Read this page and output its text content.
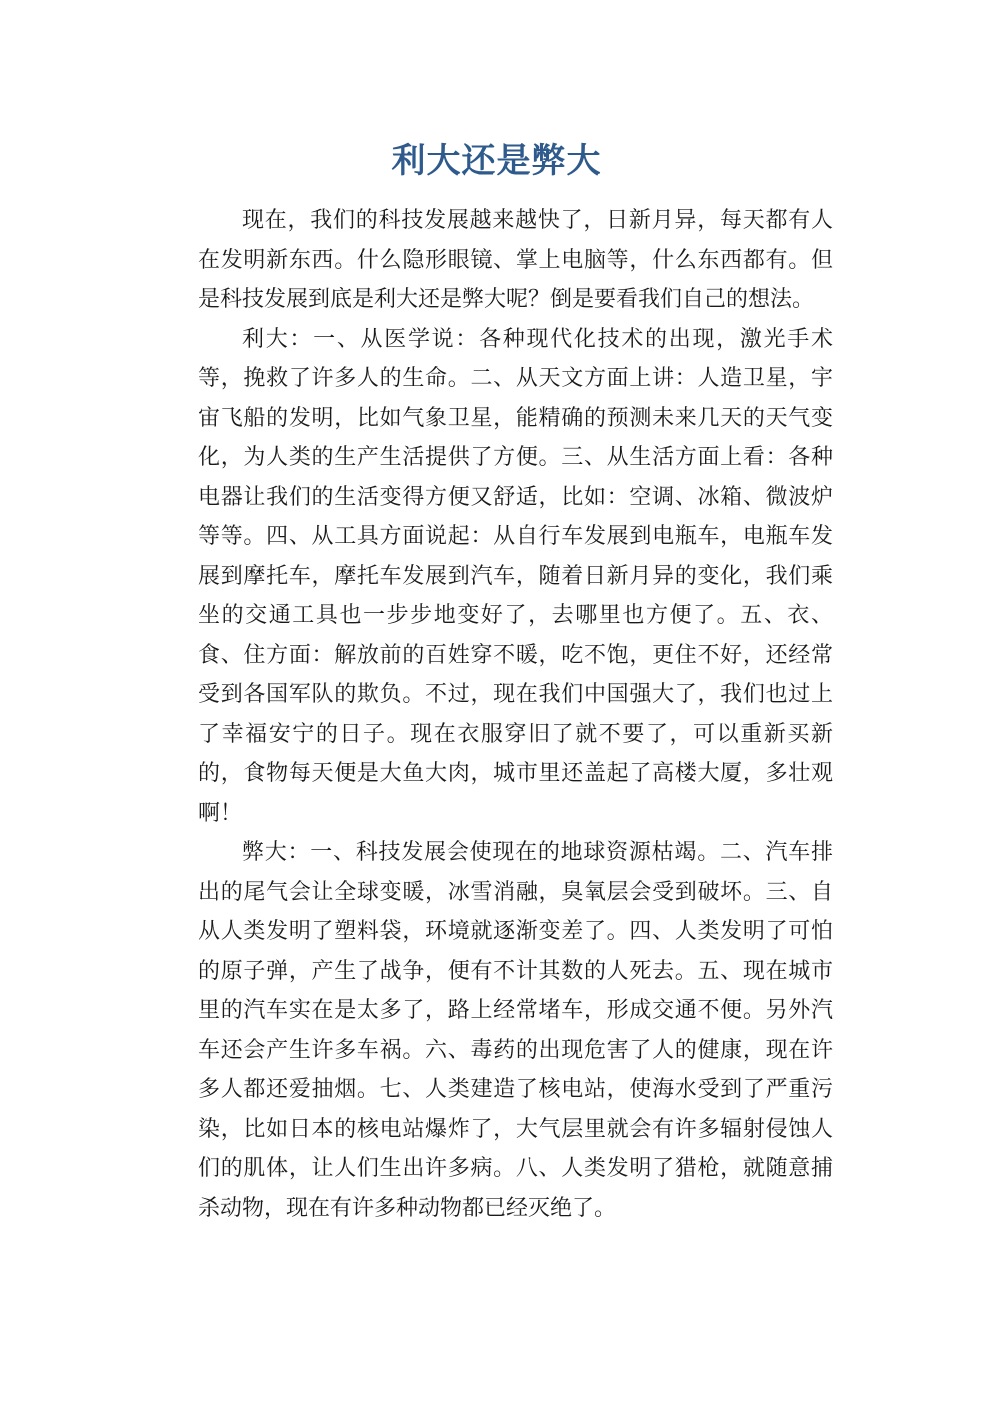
利大还是弊大

现在，我们的科技发展越来越快了，日新月异，每天都有人在发明新东西。什么隐形眼镜、掌上电脑等，什么东西都有。但是科技发展到底是利大还是弊大呢？倒是要看我们自己的想法。

利大：一、从医学说：各种现代化技术的出现，激光手术等，挽救了许多人的生命。二、从天文方面上讲：人造卫星，宇宙飞船的发明，比如气象卫星，能精确的预测未来几天的天气变化，为人类的生产生活提供了方便。三、从生活方面上看：各种电器让我们的生活变得方便又舒适，比如：空调、冰箱、微波炉等等。四、从工具方面说起：从自行车发展到电瓶车，电瓶车发展到摩托车，摩托车发展到汽车，随着日新月异的变化，我们乘坐的交通工具也一步步地变好了，去哪里也方便了。五、衣、食、住方面：解放前的百姓穿不暖，吃不饱，更住不好，还经常受到各国军队的欺负。不过，现在我们中国强大了，我们也过上了幸福安宁的日子。现在衣服穿旧了就不要了，可以重新买新的，食物每天便是大鱼大肉，城市里还盖起了高楼大厦，多壮观啊！

弊大：一、科技发展会使现在的地球资源枯竭。二、汽车排出的尾气会让全球变暖，冰雪消融，臭氧层会受到破坏。三、自从人类发明了塑料袋，环境就逐渐变差了。四、人类发明了可怕的原子弹，产生了战争，便有不计其数的人死去。五、现在城市里的汽车实在是太多了，路上经常堵车，形成交通不便。另外汽车还会产生许多车祸。六、毒药的出现危害了人的健康，现在许多人都还爱抽烟。七、人类建造了核电站，使海水受到了严重污染，比如日本的核电站爆炸了，大气层里就会有许多辐射侵蚀人们的肌体，让人们生出许多病。八、人类发明了猎枪，就随意捕杀动物，现在有许多种动物都已经灭绝了。
